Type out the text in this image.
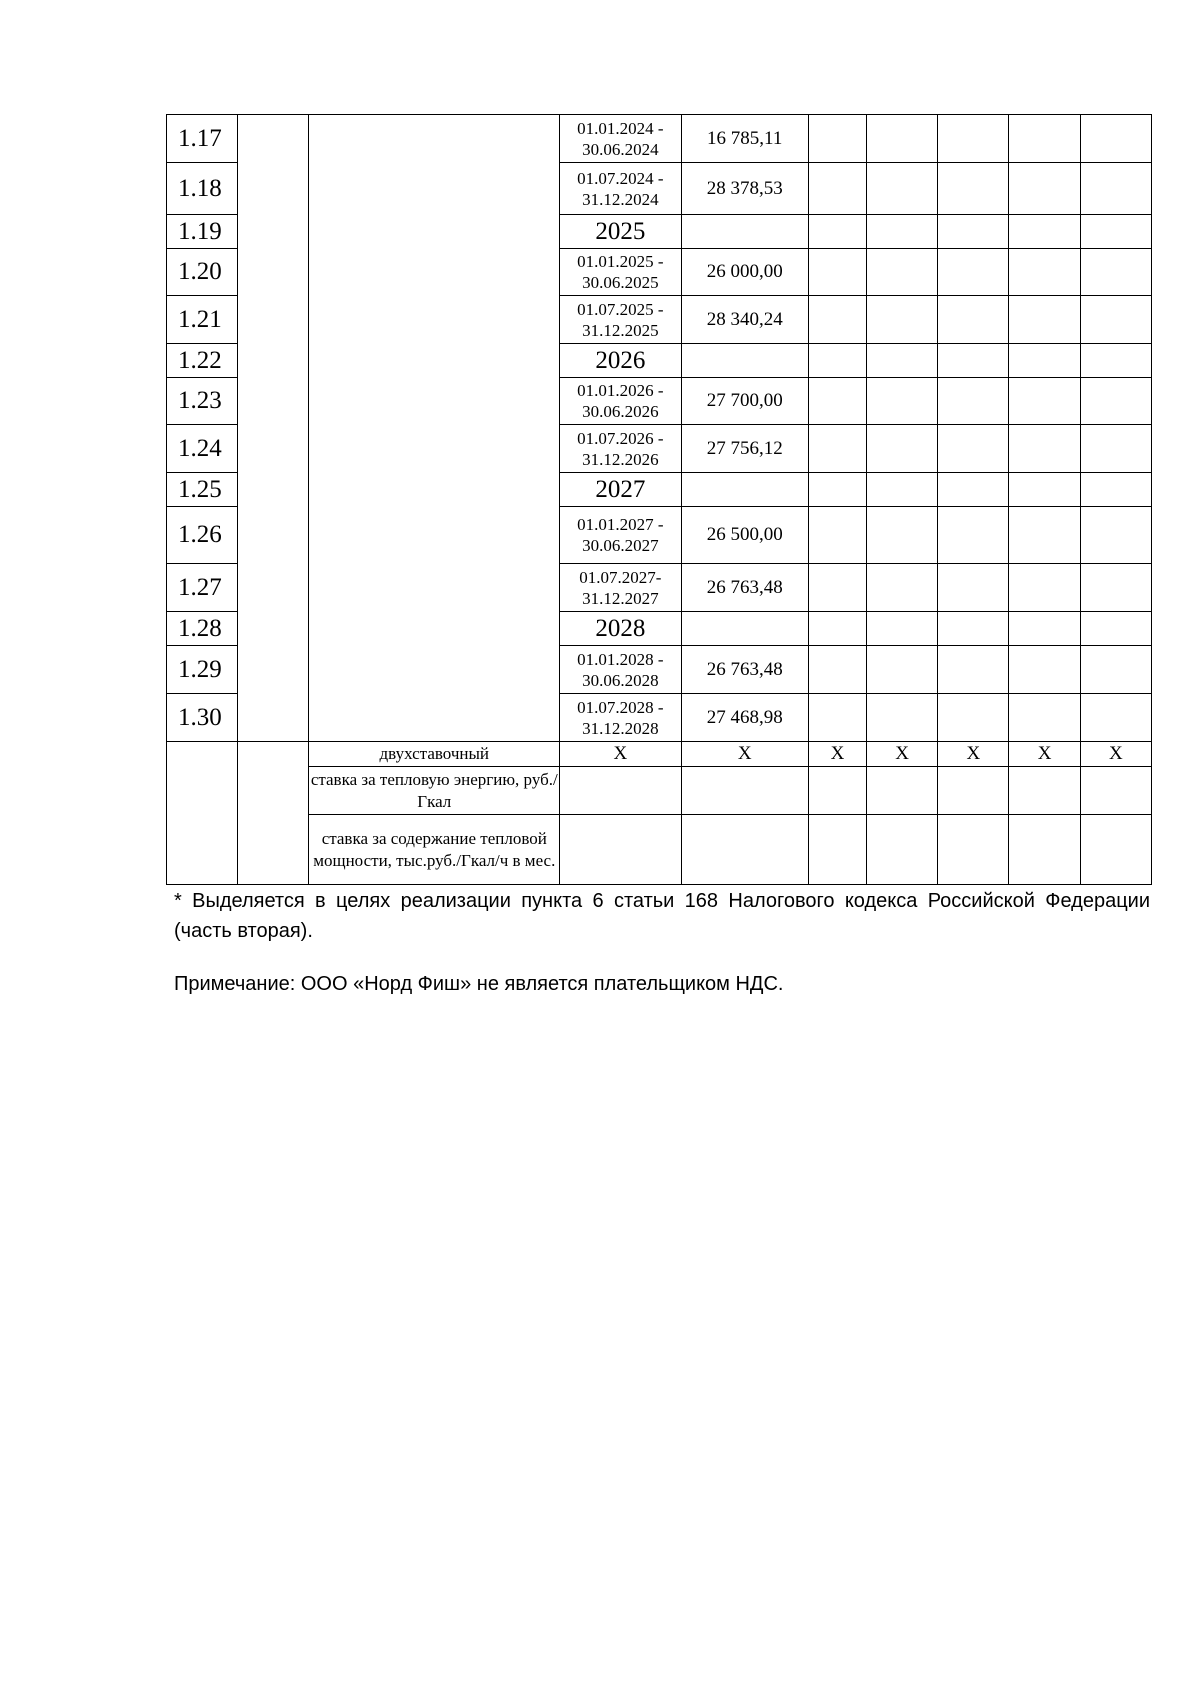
1.17			01.01.2024 - 30.06.2024	16 785,11					
1.18			01.07.2024 - 31.12.2024	28 378,53					
1.19			2025						
1.20			01.01.2025 - 30.06.2025	26 000,00					
1.21			01.07.2025 - 31.12.2025	28 340,24					
1.22			2026						
1.23			01.01.2026 - 30.06.2026	27 700,00					
1.24			01.07.2026 - 31.12.2026	27 756,12					
1.25			2027						
1.26			01.01.2027 - 30.06.2027	26 500,00					
1.27			01.07.2027- 31.12.2027	26 763,48					
1.28			2028						
1.29			01.01.2028 - 30.06.2028	26 763,48					
1.30			01.07.2028 - 31.12.2028	27 468,98					
		двухставочный	Х	Х	Х	Х	Х	Х	Х
		ставка за тепловую энергию, руб./Гкал							
		ставка за содержание тепловой мощности, тыс.руб./Гкал/ч в мес.							

* Выделяется в целях реализации пункта 6 статьи 168 Налогового кодекса Российской Федерации (часть вторая).

Примечание: ООО «Норд Фиш» не является плательщиком НДС.
